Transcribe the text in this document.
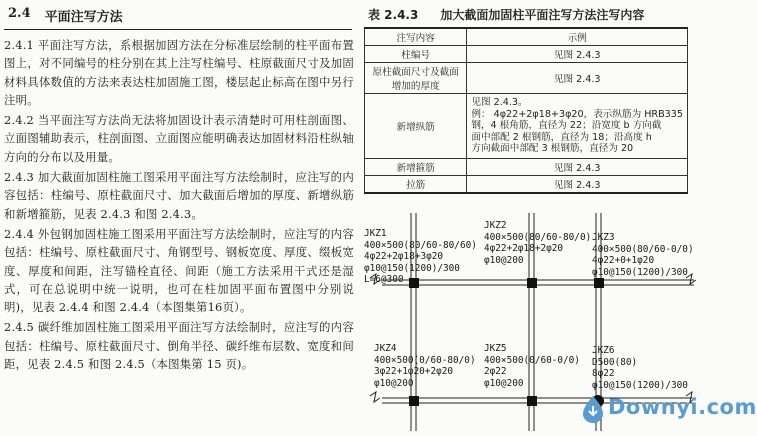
2.4 平面注写方法

2.4.1 平面注写方法，系根据加固方法在分标准层绘制的柱平面布置图上，对不同编号的柱分别在其上注写柱编号、柱原截面尺寸及加固材料具体数值的方法来表达柱加固施工图，楼层起止标高在图中另行注明。

2.4.2 当平面注写方法尚无法将加固设计表示清楚时可用柱剖面图、立面图辅助表示，柱剖面图、立面图应能明确表达加固材料沿柱纵轴方向的分布以及用量。

2.4.3 加大截面加固柱施工图采用平面注写方法绘制时，应注写的内容包括：柱编号、原柱截面尺寸、加大截面后增加的厚度、新增纵筋和新增箍筋，见表 2.4.3 和图 2.4.3。

2.4.4 外包钢加固柱施工图采用平面注写方法绘制时，应注写的内容包括：柱编号、原柱截面尺寸、角钢型号、钢板宽度、厚度、缀板宽度、厚度和间距，注写锚栓直径、间距（施工方法采用干式还是湿式，可在总说明中统一说明，也可在柱加固平面布置图中分别说明)，见表 2.4.4 和图 2.4.4（本图集第16页）。

2.4.5 碳纤维加固柱施工图采用平面注写方法绘制时，应注写的内容包括：柱编号、原柱截面尺寸、倒角半径、碳纤维布层数、宽度和间距，见表 2.4.5 和图 2.4.5（本图集第 15 页)。

表 2.4.3 加大截面加固柱平面注写方法注写内容
注写内容	示例
柱编号	见图 2.4.3
原柱截面尺寸及截面增加的厚度	见图 2.4.3
新增纵筋	见图 2.4.3。
例： 4φ22+2φ18+3φ20，表示纵筋为 HRB335
钢，4 根角筋，直径为 22；沿宽度 b 方向截
面中部配 2 根钢筋，直径为 18；沿高度 h
方向截面中部配 3 根钢筋，直径为 20

新增箍筋	见图 2.4.3
拉筋	见图 2.4.3
JKZ1
400×500(80/60-80/60)
4φ22+2φ18+3φ20
φ10@150(1200)/300
L=6@300
JKZ2
400×500(80/60-80/0)
4φ22+2φ18+2φ20
φ10@200
JKZ3
400×500(80/60-0/0)
4φ22+0+1φ20
φ10@150(1200)/300
JKZ4
400×500(0/60-80/0)
3φ22+1φ20+2φ20
φ10@200
JKZ5
400×500(0/60-0/0)
2φ22
φ10@200
JKZ6
D500(80)
8φ22
φ10@150(1200)/300
Downyi.com
